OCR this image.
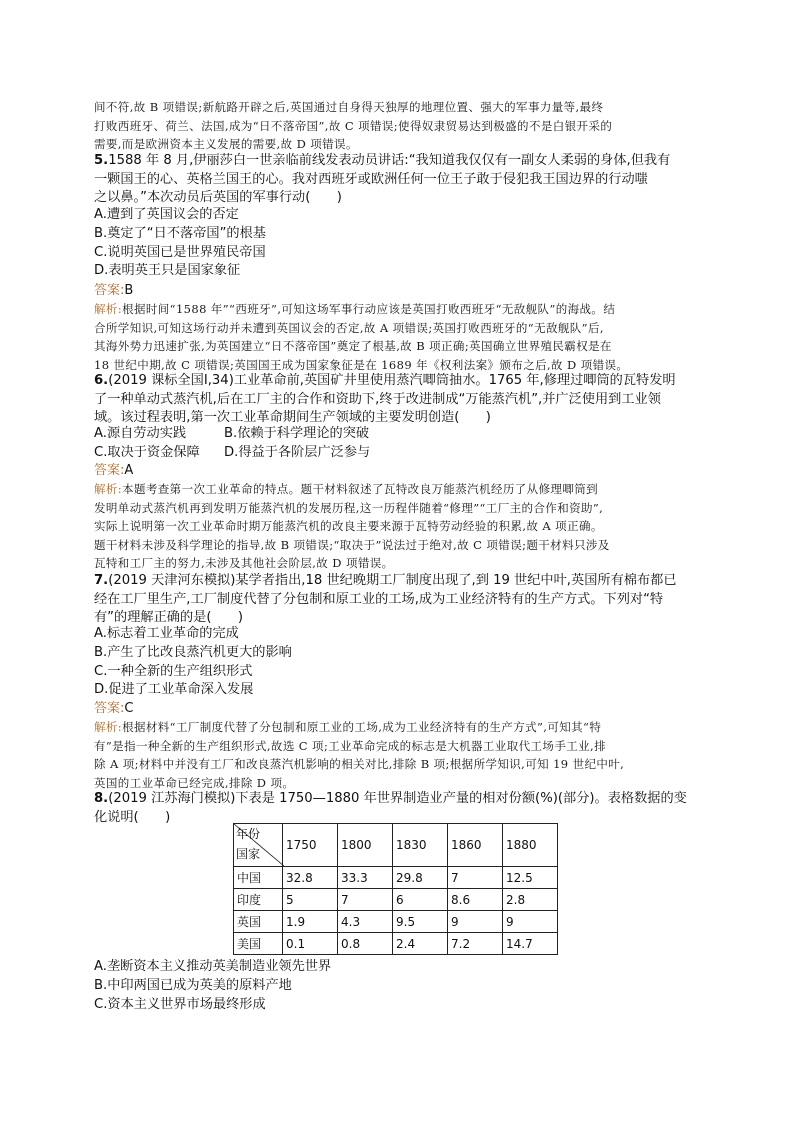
间不符,故 B 项错误;新航路开辟之后,英国通过自身得天独厚的地理位置、强大的军事力量等,最终
打败西班牙、荷兰、法国,成为“日不落帝国”,故 C 项错误;使得奴隶贸易达到极盛的不是白银开采的
需要,而是欧洲资本主义发展的需要,故 D 项错误。
5.1588 年 8 月,伊丽莎白一世亲临前线发表动员讲话:“我知道我仅仅有一副女人柔弱的身体,但我有
一颗国王的心、英格兰国王的心。我对西班牙或欧洲任何一位王子敢于侵犯我王国边界的行动嗤
之以鼻。”本次动员后英国的军事行动(　　)
A.遭到了英国议会的否定
B.奠定了“日不落帝国”的根基
C.说明英国已是世界殖民帝国
D.表明英王只是国家象征
答案:B
解析:根据时间“1588 年”“西班牙”,可知这场军事行动应该是英国打败西班牙“无敌舰队”的海战。结
合所学知识,可知这场行动并未遭到英国议会的否定,故 A 项错误;英国打败西班牙的“无敌舰队”后,
其海外势力迅速扩张,为英国建立“日不落帝国”奠定了根基,故 B 项正确;英国确立世界殖民霸权是在
18 世纪中期,故 C 项错误;英国国王成为国家象征是在 1689 年《权利法案》颁布之后,故 D 项错误。
6.(2019 课标全国Ⅰ,34)工业革命前,英国矿井里使用蒸汽唧筒抽水。1765 年,修理过唧筒的瓦特发明
了一种单动式蒸汽机,后在工厂主的合作和资助下,终于改进制成“万能蒸汽机”,并广泛使用到工业领
域。该过程表明,第一次工业革命期间生产领域的主要发明创造(　　)
A.源自劳动实践	B.依赖于科学理论的突破
C.取决于资金保障 D.得益于各阶层广泛参与
答案:A
解析:本题考查第一次工业革命的特点。题干材料叙述了瓦特改良万能蒸汽机经历了从修理唧筒到
发明单动式蒸汽机再到发明万能蒸汽机的发展历程,这一历程伴随着“修理”“工厂主的合作和资助”,
实际上说明第一次工业革命时期万能蒸汽机的改良主要来源于瓦特劳动经验的积累,故 A 项正确。
题干材料未涉及科学理论的指导,故 B 项错误;“取决于”说法过于绝对,故 C 项错误;题干材料只涉及
瓦特和工厂主的努力,未涉及其他社会阶层,故 D 项错误。
7.(2019 天津河东模拟)某学者指出,18 世纪晚期工厂制度出现了,到 19 世纪中叶,英国所有棉布都已
经在工厂里生产,工厂制度代替了分包制和原工业的工场,成为工业经济特有的生产方式。下列对“特
有”的理解正确的是(　　)
A.标志着工业革命的完成
B.产生了比改良蒸汽机更大的影响
C.一种全新的生产组织形式
D.促进了工业革命深入发展
答案:C
解析:根据材料“工厂制度代替了分包制和原工业的工场,成为工业经济特有的生产方式”,可知其“特
有”是指一种全新的生产组织形式,故选 C 项;工业革命完成的标志是大机器工业取代工场手工业,排
除 A 项;材料中并没有工厂和改良蒸汽机影响的相关对比,排除 B 项;根据所学知识,可知 19 世纪中叶,
英国的工业革命已经完成,排除 D 项。
8.(2019 江苏海门模拟)下表是 1750—1880 年世界制造业产量的相对份额(%)(部分)。表格数据的变
化说明(　　)
年份
国家	1750	1800	1830	1860	1880
中国	32.8	33.3	29.8	7	12.5
印度	5	7	6	8.6	2.8
英国	1.9	4.3	9.5	9	9
美国	0.1	0.8	2.4	7.2	14.7
A.垄断资本主义推动英美制造业领先世界
B.中印两国已成为英美的原料产地
C.资本主义世界市场最终形成
